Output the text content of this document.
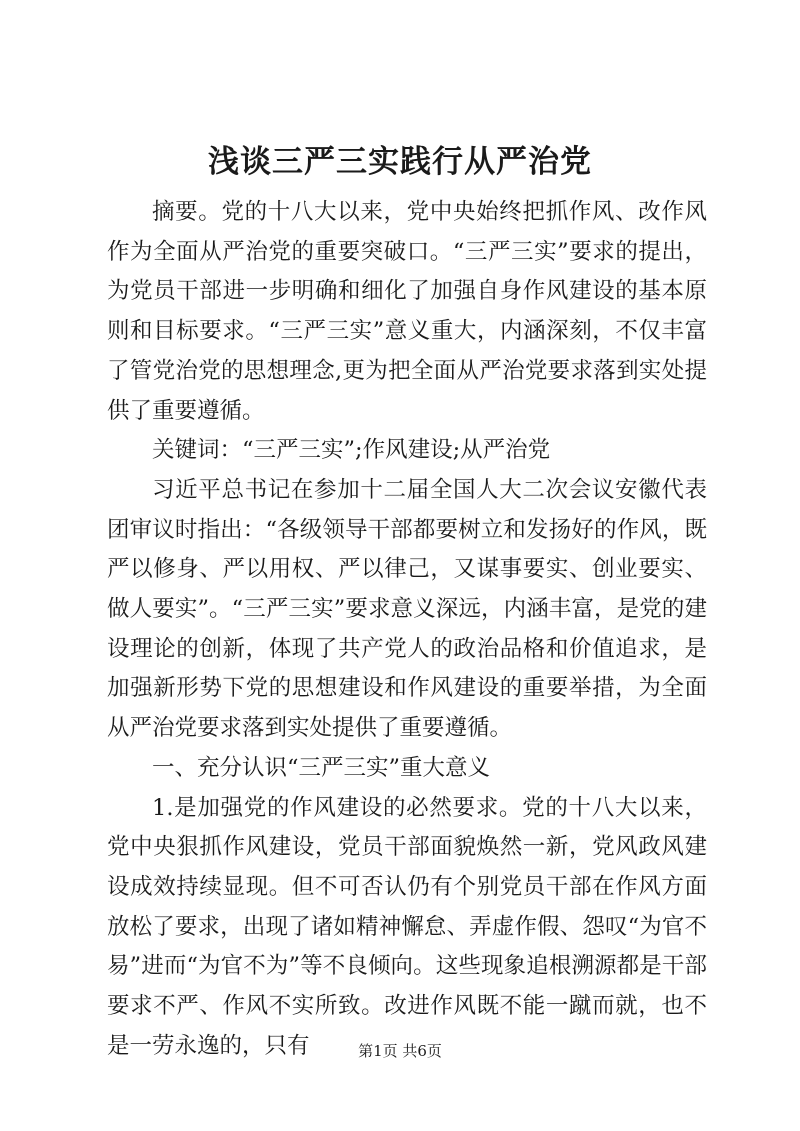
浅谈三严三实践行从严治党

摘要。党的十八大以来，党中央始终把抓作风、改作风作为全面从严治党的重要突破口。“三严三实”要求的提出，为党员干部进一步明确和细化了加强自身作风建设的基本原则和目标要求。“三严三实”意义重大，内涵深刻，不仅丰富了管党治党的思想理念,更为把全面从严治党要求落到实处提供了重要遵循。

关键词：“三严三实”;作风建设;从严治党

习近平总书记在参加十二届全国人大二次会议安徽代表团审议时指出：“各级领导干部都要树立和发扬好的作风，既严以修身、严以用权、严以律己，又谋事要实、创业要实、做人要实”。“三严三实”要求意义深远，内涵丰富，是党的建设理论的创新，体现了共产党人的政治品格和价值追求，是加强新形势下党的思想建设和作风建设的重要举措，为全面从严治党要求落到实处提供了重要遵循。

一、充分认识“三严三实”重大意义

1.是加强党的作风建设的必然要求。党的十八大以来，党中央狠抓作风建设，党员干部面貌焕然一新，党风政风建设成效持续显现。但不可否认仍有个别党员干部在作风方面放松了要求，出现了诸如精神懈怠、弄虚作假、怨叹“为官不易”进而“为官不为”等不良倾向。这些现象追根溯源都是干部要求不严、作风不实所致。改进作风既不能一蹴而就，也不是一劳永逸的，只有	第1页 共6页
